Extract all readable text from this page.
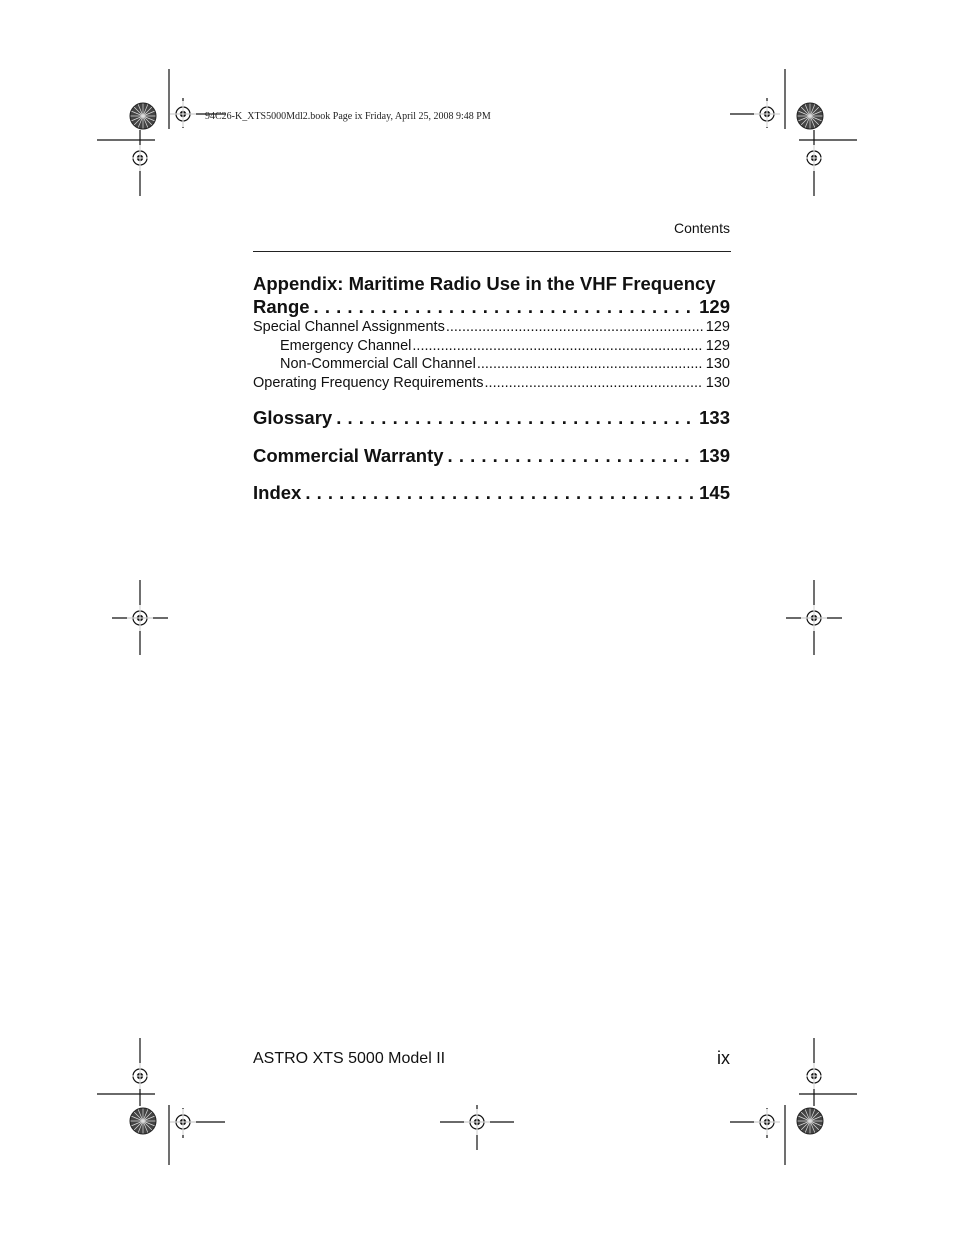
94C26-K_XTS5000Mdl2.book Page ix Friday, April 25, 2008 9:48 PM
Contents
Appendix: Maritime Radio Use in the VHF Frequency
Range . . .	129
Special Channel Assignments .....	129
Emergency Channel .....	129
Non-Commercial Call Channel .....	130
Operating Frequency Requirements .....	130
Glossary . . .	133
Commercial Warranty . . .	139
Index . . .	145
ASTRO XTS 5000 Model II	ix
